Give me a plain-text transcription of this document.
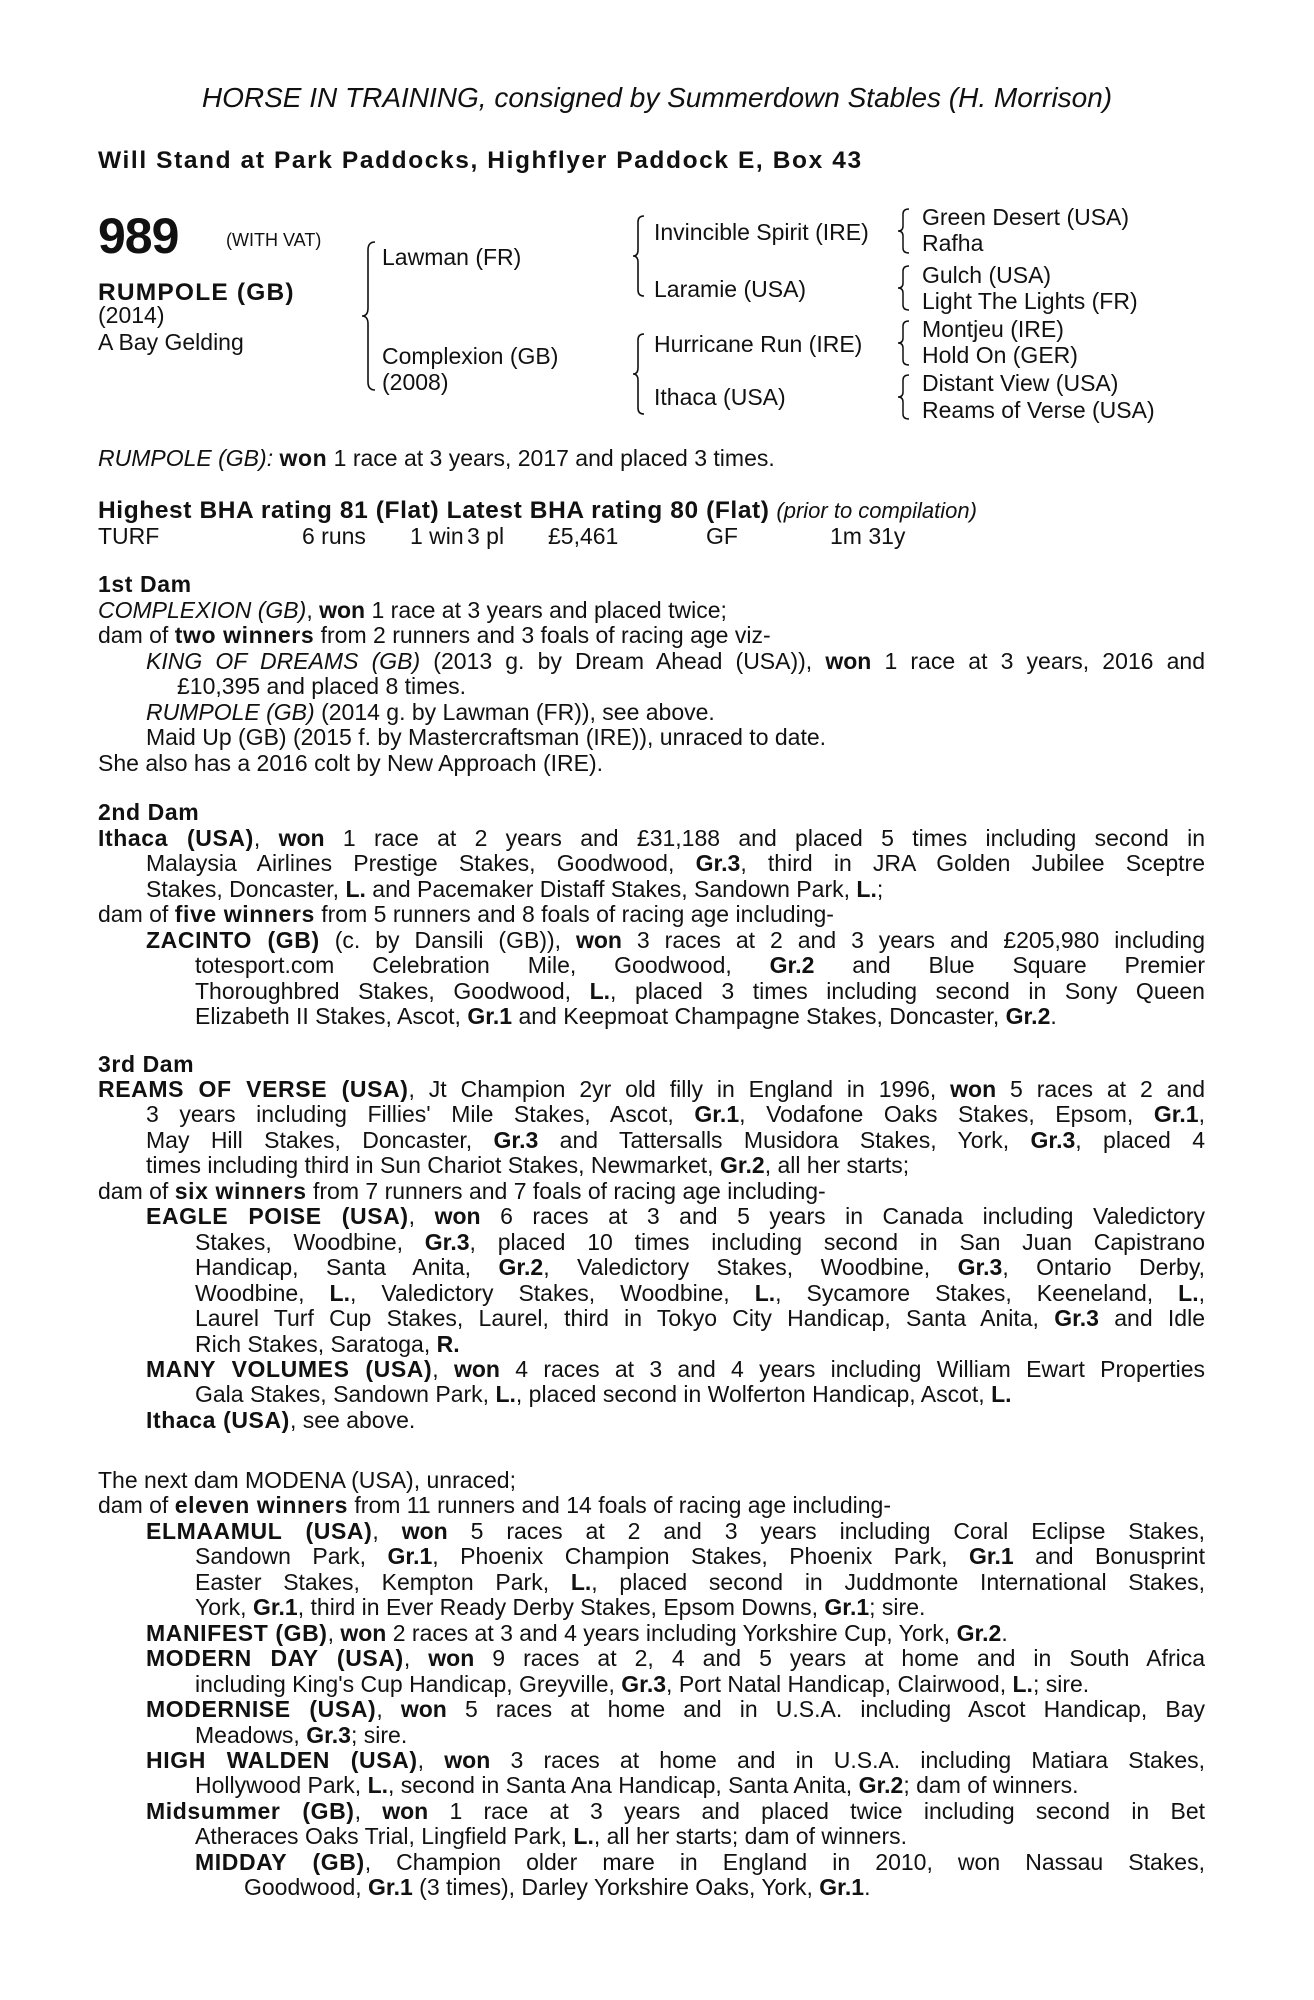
HORSE IN TRAINING, consigned by Summerdown Stables (H. Morrison)
Will Stand at Park Paddocks, Highflyer Paddock E, Box 43
989	(WITH VAT)
RUMPOLE (GB)
(2014)
A Bay Gelding
Lawman (FR)
Complexion (GB)
(2008)
Invincible Spirit (IRE)
Laramie (USA)
Hurricane Run (IRE)
Ithaca (USA)
Green Desert (USA)
Rafha
Gulch (USA)
Light The Lights (FR)
Montjeu (IRE)
Hold On (GER)
Distant View (USA)
Reams of Verse (USA)
RUMPOLE (GB): won 1 race at 3 years, 2017 and placed 3 times.
Highest BHA rating 81 (Flat) Latest BHA rating 80 (Flat) (prior to compilation)
TURF	6 runs 1 win 3 pl £5,461	GF	1m 31y
1st Dam
COMPLEXION (GB), won 1 race at 3 years and placed twice;
dam of two winners from 2 runners and 3 foals of racing age viz-
KING OF DREAMS (GB) (2013 g. by Dream Ahead (USA)), won 1 race at 3 years, 2016 and
£10,395 and placed 8 times.
RUMPOLE (GB) (2014 g. by Lawman (FR)), see above.
Maid Up (GB) (2015 f. by Mastercraftsman (IRE)), unraced to date.
She also has a 2016 colt by New Approach (IRE).
2nd Dam
Ithaca (USA), won 1 race at 2 years and £31,188 and placed 5 times including second in
Malaysia Airlines Prestige Stakes, Goodwood, Gr.3, third in JRA Golden Jubilee Sceptre
Stakes, Doncaster, L. and Pacemaker Distaff Stakes, Sandown Park, L.;
dam of five winners from 5 runners and 8 foals of racing age including-
ZACINTO (GB) (c. by Dansili (GB)), won 3 races at 2 and 3 years and £205,980 including
totesport.com Celebration Mile, Goodwood, Gr.2 and Blue Square Premier
Thoroughbred Stakes, Goodwood, L., placed 3 times including second in Sony Queen
Elizabeth II Stakes, Ascot, Gr.1 and Keepmoat Champagne Stakes, Doncaster, Gr.2.
3rd Dam
REAMS OF VERSE (USA), Jt Champion 2yr old filly in England in 1996, won 5 races at 2 and
3 years including Fillies' Mile Stakes, Ascot, Gr.1, Vodafone Oaks Stakes, Epsom, Gr.1,
May Hill Stakes, Doncaster, Gr.3 and Tattersalls Musidora Stakes, York, Gr.3, placed 4
times including third in Sun Chariot Stakes, Newmarket, Gr.2, all her starts;
dam of six winners from 7 runners and 7 foals of racing age including-
EAGLE POISE (USA), won 6 races at 3 and 5 years in Canada including Valedictory
Stakes, Woodbine, Gr.3, placed 10 times including second in San Juan Capistrano
Handicap, Santa Anita, Gr.2, Valedictory Stakes, Woodbine, Gr.3, Ontario Derby,
Woodbine, L., Valedictory Stakes, Woodbine, L., Sycamore Stakes, Keeneland, L.,
Laurel Turf Cup Stakes, Laurel, third in Tokyo City Handicap, Santa Anita, Gr.3 and Idle
Rich Stakes, Saratoga, R.
MANY VOLUMES (USA), won 4 races at 3 and 4 years including William Ewart Properties
Gala Stakes, Sandown Park, L., placed second in Wolferton Handicap, Ascot, L.
Ithaca (USA), see above.
The next dam MODENA (USA), unraced;
dam of eleven winners from 11 runners and 14 foals of racing age including-
ELMAAMUL (USA), won 5 races at 2 and 3 years including Coral Eclipse Stakes,
Sandown Park, Gr.1, Phoenix Champion Stakes, Phoenix Park, Gr.1 and Bonusprint
Easter Stakes, Kempton Park, L., placed second in Juddmonte International Stakes,
York, Gr.1, third in Ever Ready Derby Stakes, Epsom Downs, Gr.1; sire.
MANIFEST (GB), won 2 races at 3 and 4 years including Yorkshire Cup, York, Gr.2.
MODERN DAY (USA), won 9 races at 2, 4 and 5 years at home and in South Africa
including King's Cup Handicap, Greyville, Gr.3, Port Natal Handicap, Clairwood, L.; sire.
MODERNISE (USA), won 5 races at home and in U.S.A. including Ascot Handicap, Bay
Meadows, Gr.3; sire.
HIGH WALDEN (USA), won 3 races at home and in U.S.A. including Matiara Stakes,
Hollywood Park, L., second in Santa Ana Handicap, Santa Anita, Gr.2; dam of winners.
Midsummer (GB), won 1 race at 3 years and placed twice including second in Bet
Atheraces Oaks Trial, Lingfield Park, L., all her starts; dam of winners.
MIDDAY (GB), Champion older mare in England in 2010, won Nassau Stakes,
Goodwood, Gr.1 (3 times), Darley Yorkshire Oaks, York, Gr.1.
